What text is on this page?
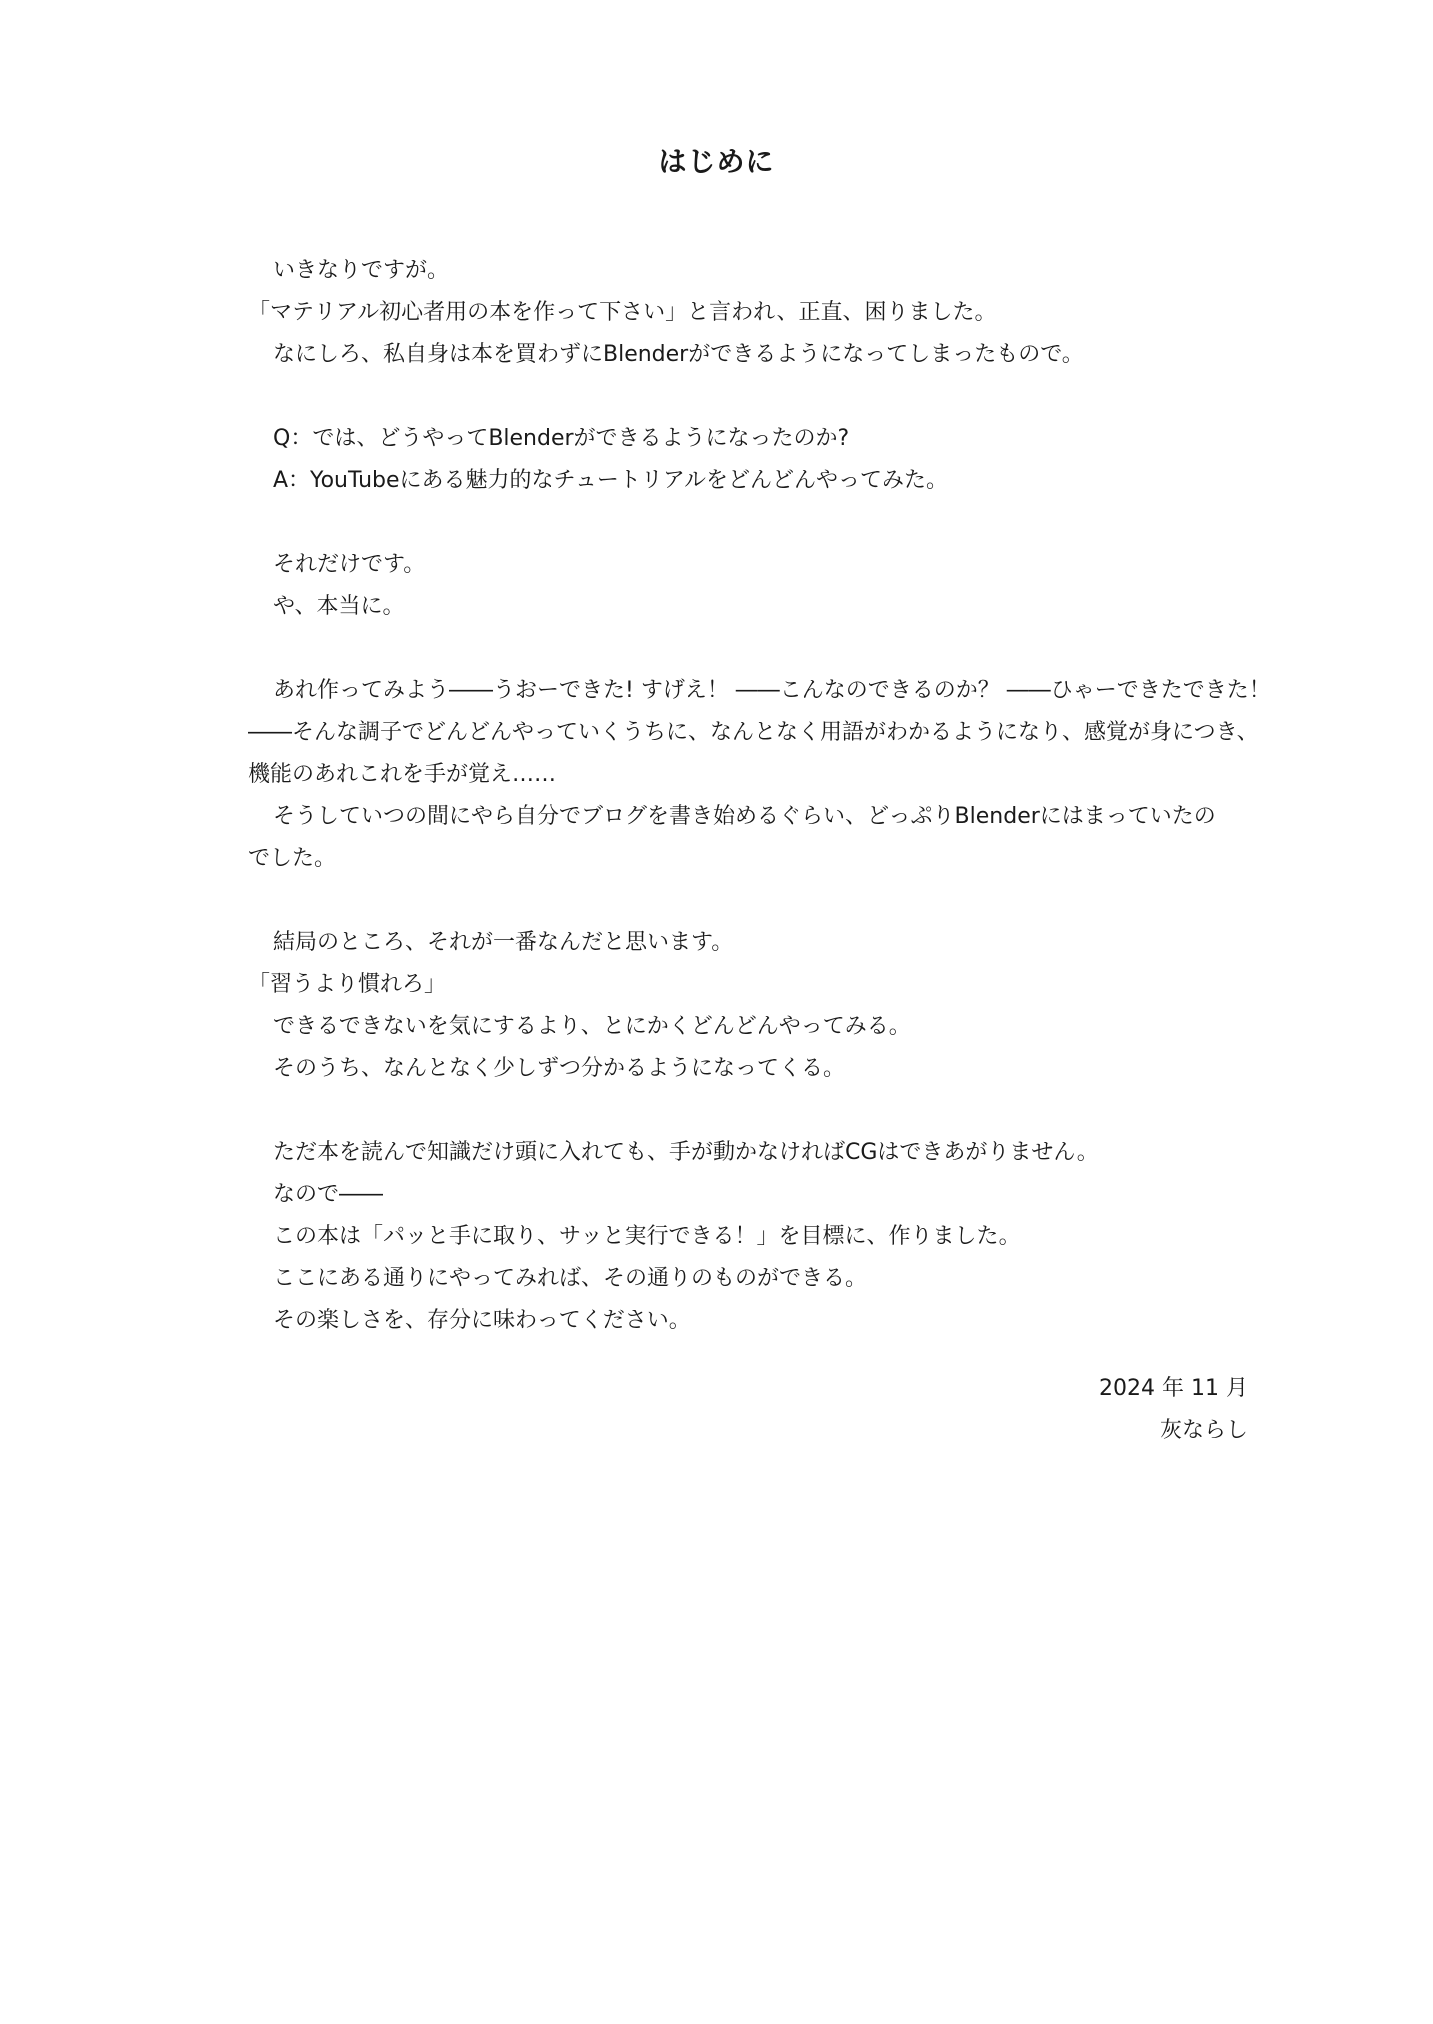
はじめに
いきなりですが。
「マテリアル初心者用の本を作って下さい」と言われ、正直、困りました。
なにしろ、私自身は本を買わずにBlenderができるようになってしまったもので。
Q：では、どうやってBlenderができるようになったのか?
A：YouTubeにある魅力的なチュートリアルをどんどんやってみた。
それだけです。
や、本当に。
あれ作ってみよう――うおーできた! すげえ！ ――こんなのできるのか？ ――ひゃーできたできた！
――そんな調子でどんどんやっていくうちに、なんとなく用語がわかるようになり、感覚が身につき、
機能のあれこれを手が覚え……
そうしていつの間にやら自分でブログを書き始めるぐらい、どっぷりBlenderにはまっていたの
でした。
結局のところ、それが一番なんだと思います。
「習うより慣れろ」
できるできないを気にするより、とにかくどんどんやってみる。
そのうち、なんとなく少しずつ分かるようになってくる。
ただ本を読んで知識だけ頭に入れても、手が動かなければCGはできあがりません。
なので――
この本は「パッと手に取り、サッと実行できる！」を目標に、作りました。
ここにある通りにやってみれば、その通りのものができる。
その楽しさを、存分に味わってください。
2024 年 11 月
灰ならし
